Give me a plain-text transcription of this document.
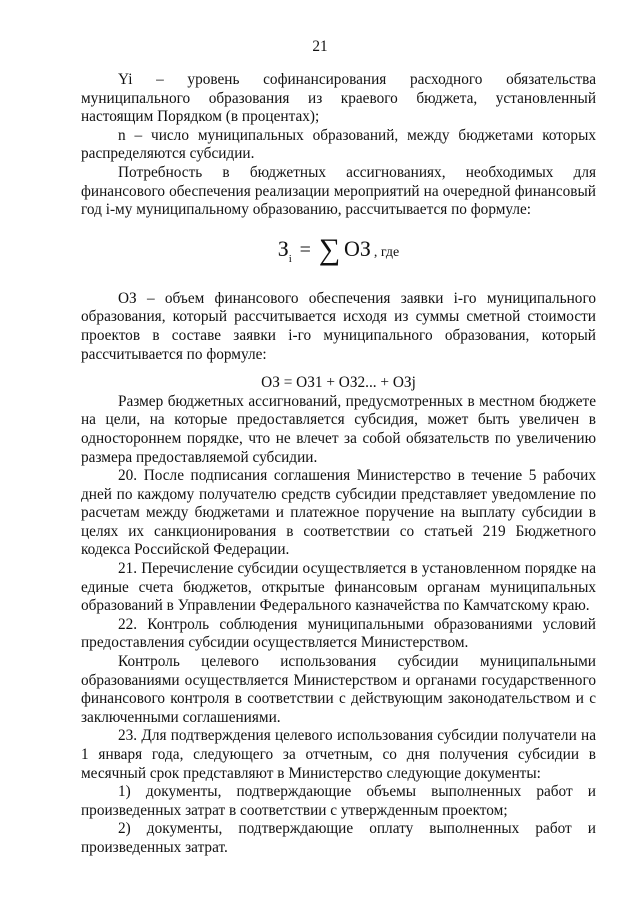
21

Yi – уровень софинансирования расходного обязательства муниципального образования из краевого бюджета, установленный настоящим Порядком (в процентах);

n – число муниципальных образований, между бюджетами которых распределяются субсидии.

Потребность в бюджетных ассигнованиях, необходимых для финансового обеспечения реализации мероприятий на очередной финансовый год i-му муниципальному образованию, рассчитывается по формуле:

$З_i$ = ∑ ОЗ , где

ОЗ – объем финансового обеспечения заявки i-го муниципального образования, который рассчитывается исходя из суммы сметной стоимости проектов в составе заявки i-го муниципального образования, который рассчитывается по формуле:

ОЗ = ОЗ1 + ОЗ2... + ОЗj

Размер бюджетных ассигнований, предусмотренных в местном бюджете на цели, на которые предоставляется субсидия, может быть увеличен в одностороннем порядке, что не влечет за собой обязательств по увеличению размера предоставляемой субсидии.

20. После подписания соглашения Министерство в течение 5 рабочих дней по каждому получателю средств субсидии представляет уведомление по расчетам между бюджетами и платежное поручение на выплату субсидии в целях их санкционирования в соответствии со статьей 219 Бюджетного кодекса Российской Федерации.

21. Перечисление субсидии осуществляется в установленном порядке на единые счета бюджетов, открытые финансовым органам муниципальных образований в Управлении Федерального казначейства по Камчатскому краю.

22. Контроль соблюдения муниципальными образованиями условий предоставления субсидии осуществляется Министерством.

Контроль целевого использования субсидии муниципальными образованиями осуществляется Министерством и органами государственного финансового контроля в соответствии с действующим законодательством и с заключенными соглашениями.

23. Для подтверждения целевого использования субсидии получатели на 1 января года, следующего за отчетным, со дня получения субсидии в месячный срок представляют в Министерство следующие документы:

1) документы, подтверждающие объемы выполненных работ и произведенных затрат в соответствии с утвержденным проектом;

2) документы, подтверждающие оплату выполненных работ и произведенных затрат.
